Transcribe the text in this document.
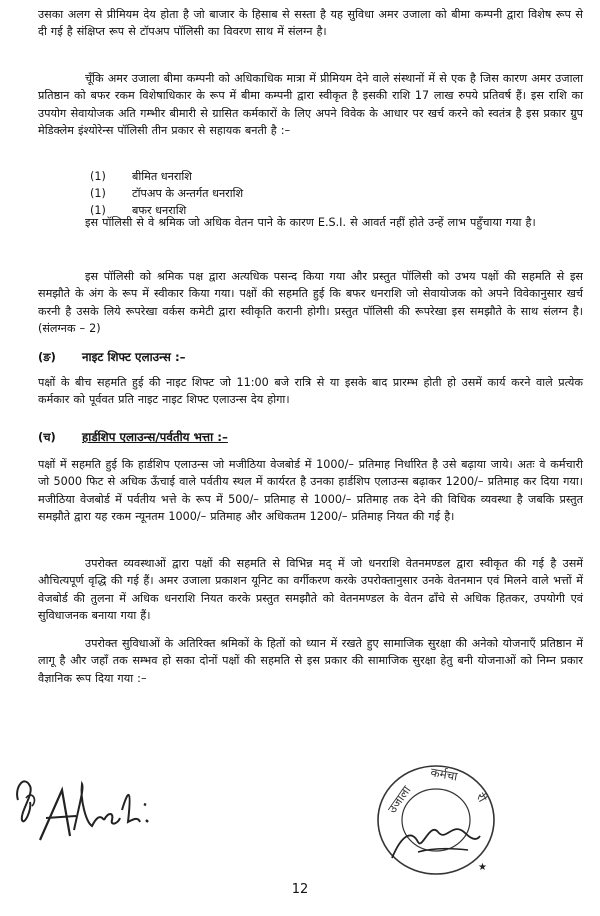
उसका अलग से प्रीमियम देय होता है जो बाजार के हिसाब से सस्ता है यह सुविधा अमर उजाला को बीमा कम्पनी द्वारा विशेष रूप से दी गई है संक्षिप्त रूप से टॉपअप पॉलिसी का विवरण साथ में संलग्न है।
चूँकि अमर उजाला बीमा कम्पनी को अधिकाधिक मात्रा में प्रीमियम देने वाले संस्थानों में से एक है जिस कारण अमर उजाला प्रतिष्ठान को बफर रकम विशेषाधिकार के रूप में बीमा कम्पनी द्वारा स्वीकृत है इसकी राशि 17 लाख रुपये प्रतिवर्ष हैं। इस राशि का उपयोग सेवायोजक अति गम्भीर बीमारी से ग्रासित कर्मकारों के लिए अपने विवेक के आधार पर खर्च करने को स्वतंत्र है इस प्रकार ग्रुप मेडिक्लेम इंश्योरेन्स पॉलिसी तीन प्रकार से सहायक बनती है :–
(1)	बीमित धनराशि
(1)	टॉपअप के अन्तर्गत धनराशि
(1)	बफर धनराशि
इस पॉलिसी से वे श्रमिक जो अधिक वेतन पाने के कारण E.S.I. से आवर्त नहीं होते उन्हें लाभ पहुँचाया गया है।
इस पॉलिसी को श्रमिक पक्ष द्वारा अत्यधिक पसन्द किया गया और प्रस्तुत पॉलिसी को उभय पक्षों की सहमति से इस समझौते के अंग के रूप में स्वीकार किया गया। पक्षों की सहमति हुई कि बफर धनराशि जो सेवायोजक को अपने विवेकानुसार खर्च करनी है उसके लिये रूपरेखा वर्कस कमेटी द्वारा स्वीकृति करानी होगी। प्रस्तुत पॉलिसी की रूपरेखा इस समझौते के साथ संलग्न है। (संलग्नक – 2)
(ङ) नाइट शिफ्ट एलाउन्स :–
पक्षों के बीच सहमति हुई की नाइट शिफ्ट जो 11:00 बजे रात्रि से या इसके बाद प्रारम्भ होती हो उसमें कार्य करने वाले प्रत्येक कर्मकार को पूर्ववत प्रति नाइट नाइट शिफ्ट एलाउन्स देय होगा।
(च) हार्डशिप एलाउन्स/पर्वतीय भत्ता :–
पक्षों में सहमति हुई कि हार्डशिप एलाउन्स जो मजीठिया वेजबोर्ड में 1000/– प्रतिमाह निर्धारित है उसे बढ़ाया जाये। अतः वे कर्मचारी जो 5000 फिट से अधिक ऊँचाई वाले पर्वतीय स्थल में कार्यरत है उनका हार्डशिप एलाउन्स बढ़ाकर 1200/– प्रतिमाह कर दिया गया। मजीठिया वेजबोर्ड में पर्वतीय भत्ते के रूप में 500/– प्रतिमाह से 1000/– प्रतिमाह तक देने की विधिक व्यवस्था है जबकि प्रस्तुत समझौते द्वारा यह रकम न्यूनतम 1000/– प्रतिमाह और अधिकतम 1200/– प्रतिमाह नियत की गई है।
उपरोक्त व्यवस्थाओं द्वारा पक्षों की सहमति से विभिन्न मद् में जो धनराशि वेतनमण्डल द्वारा स्वीकृत की गई है उसमें औचित्यपूर्ण वृद्धि की गई हैं। अमर उजाला प्रकाशन यूनिट का वर्गीकरण करके उपरोक्तानुसार उनके वेतनमान एवं मिलने वाले भत्तों में वेजबोर्ड की तुलना में अधिक धनराशि नियत करके प्रस्तुत समझौते को वेतनमण्डल के वेतन ढाँचे से अधिक हितकर, उपयोगी एवं सुविधाजनक बनाया गया हैं।
उपरोक्त सुविधाओं के अतिरिक्त श्रमिकों के हितों को ध्यान में रखते हुए सामाजिक सुरक्षा की अनेको योजनाएँ प्रतिष्ठान में लागू है और जहाँ तक सम्भव हो सका दोनों पक्षों की सहमति से इस प्रकार की सामाजिक सुरक्षा हेतु बनी योजनाओं को निम्न प्रकार वैज्ञानिक रूप दिया गया :–
उजाला
कर्मचा
री
★
12
